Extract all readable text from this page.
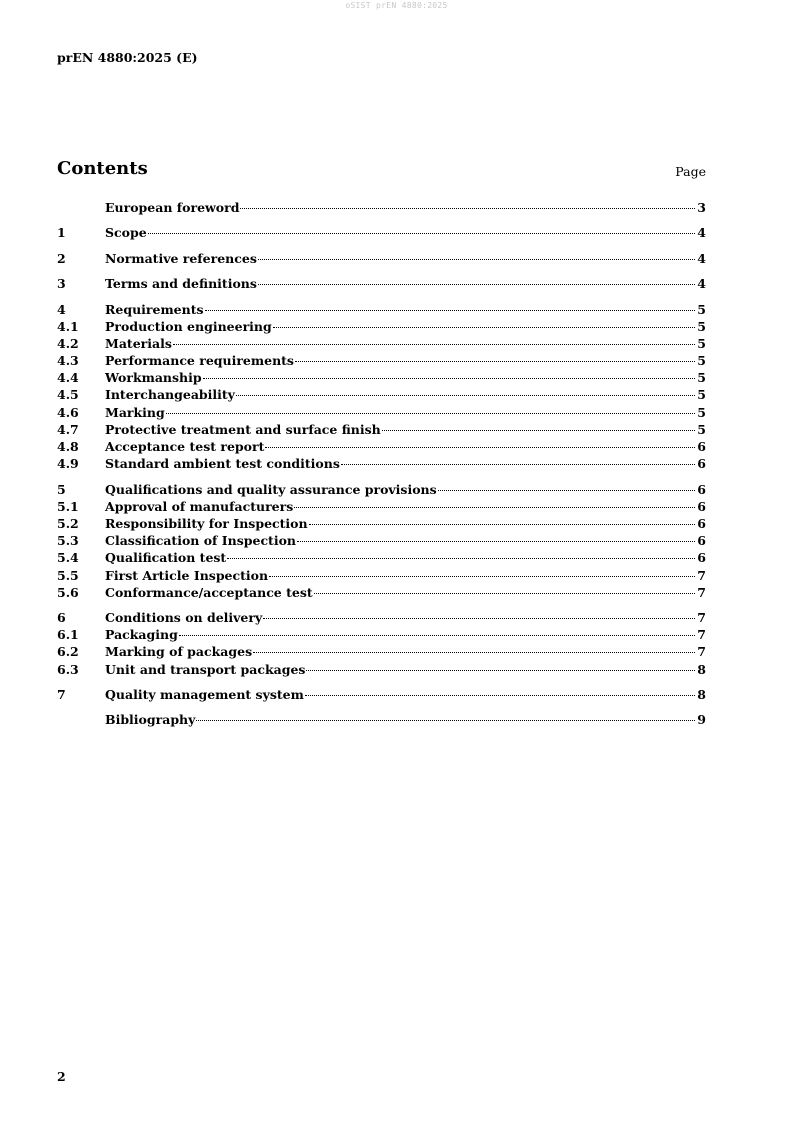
oSIST prEN 4880:2025
prEN 4880:2025 (E)
Contents	Page
European foreword	3
1	Scope	4
2	Normative references	4
3	Terms and definitions	4
4	Requirements	5
4.1	Production engineering	5
4.2	Materials	5
4.3	Performance requirements	5
4.4	Workmanship	5
4.5	Interchangeability	5
4.6	Marking	5
4.7	Protective treatment and surface finish	5
4.8	Acceptance test report	6
4.9	Standard ambient test conditions	6
5	Qualifications and quality assurance provisions	6
5.1	Approval of manufacturers	6
5.2	Responsibility for Inspection	6
5.3	Classification of Inspection	6
5.4	Qualification test	6
5.5	First Article Inspection	7
5.6	Conformance/acceptance test	7
6	Conditions on delivery	7
6.1	Packaging	7
6.2	Marking of packages	7
6.3	Unit and transport packages	8
7	Quality management system	8
Bibliography	9
2
